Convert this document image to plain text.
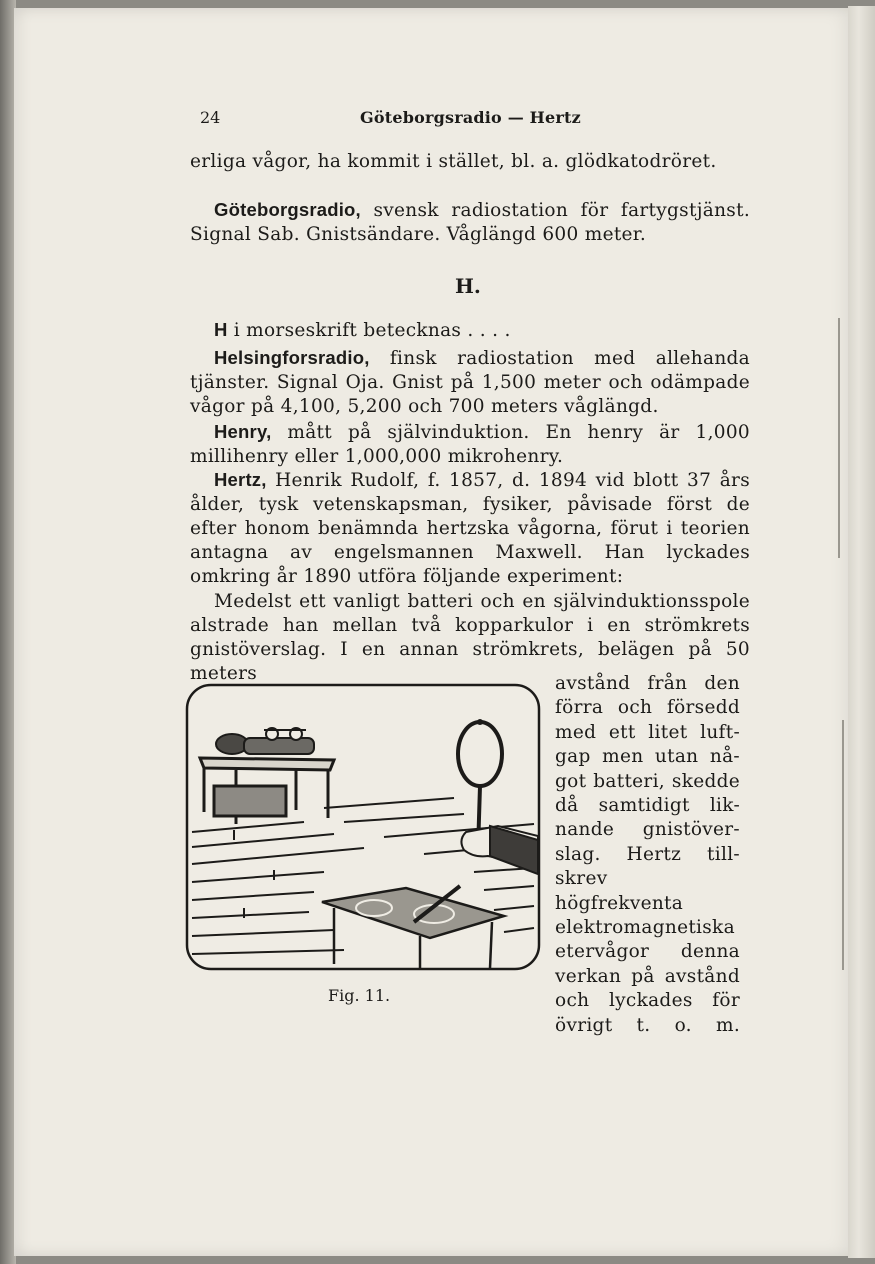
24	Göteborgsradio — Hertz
erliga vågor, ha kommit i stället, bl. a. glödkatodröret.
Göteborgsradio, svensk radiostation för fartygstjänst. Signal Sab. Gnistsändare. Våglängd 600 meter.
H.
H i morseskrift betecknas . . . .
Helsingforsradio, finsk radiostation med allehanda tjänster. Signal Oja. Gnist på 1,500 meter och odämpade vågor på 4,100, 5,200 och 700 meters våglängd.
Henry, mått på självinduktion. En henry är 1,000 millihenry eller 1,000,000 mikrohenry.
Hertz, Henrik Rudolf, f. 1857, d. 1894 vid blott 37 års ålder, tysk vetenskapsman, fysiker, påvisade först de efter honom benämnda hertzska vågorna, förut i teorien antagna av engelsmannen Maxwell. Han lyckades omkring år 1890 utföra följande experiment:
Medelst ett vanligt batteri och en självinduktionsspole alstrade han mellan två kopparkulor i en strömkrets gnistöverslag. I en annan strömkrets, belägen på 50 meters	avstånd från den
förra och försedd
med ett litet luft-
gap men utan nå-
got batteri, skedde
då samtidigt lik-
nande gnistöver-
slag. Hertz till-
skrev högfrekventa
elektromagnetiska
etervågor denna
verkan på avstånd
och lyckades för
övrigt t. o. m.
Fig. 11.
